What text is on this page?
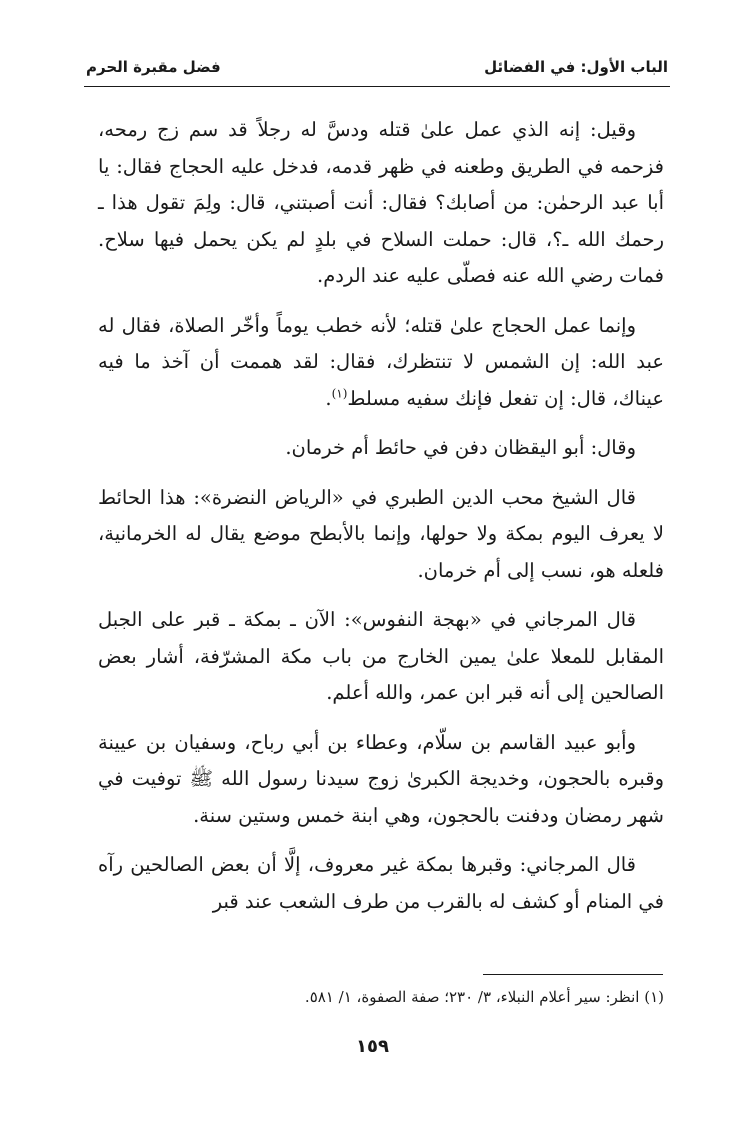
الباب الأول: في الفضائل
فضل مقبرة الحرم

وقيل: إنه الذي عمل علىٰ قتله ودسَّ له رجلاً قد سم زج رمحه، فزحمه في الطريق وطعنه في ظهر قدمه، فدخل عليه الحجاج فقال: يا أبا عبد الرحمٰن: من أصابك؟ فقال: أنت أصبتني، قال: ولِمَ تقول هذا ـ رحمك الله ـ؟، قال: حملت السلاح في بلدٍ لم يكن يحمل فيها سلاح. فمات رضي الله عنه فصلّى عليه عند الردم.

وإنما عمل الحجاج علىٰ قتله؛ لأنه خطب يوماً وأخّر الصلاة، فقال له عبد الله: إن الشمس لا تنتظرك، فقال: لقد هممت أن آخذ ما فيه عيناك، قال: إن تفعل فإنك سفيه مسلط$^{(١)}$.

وقال: أبو اليقظان دفن في حائط أم خرمان.

قال الشيخ محب الدين الطبري في «الرياض النضرة»: هذا الحائط لا يعرف اليوم بمكة ولا حولها، وإنما بالأبطح موضع يقال له الخرمانية، فلعله هو، نسب إلى أم خرمان.

قال المرجاني في «بهجة النفوس»: الآن ـ بمكة ـ قبر على الجبل المقابل للمعلا علىٰ يمين الخارج من باب مكة المشرّفة، أشار بعض الصالحين إلى أنه قبر ابن عمر، والله أعلم.

وأبو عبيد القاسم بن سلّام، وعطاء بن أبي رباح، وسفيان بن عيينة وقبره بالحجون، وخديجة الكبرىٰ زوج سيدنا رسول الله ﷺ توفيت في شهر رمضان ودفنت بالحجون، وهي ابنة خمس وستين سنة.

قال المرجاني: وقبرها بمكة غير معروف، إلَّا أن بعض الصالحين رآه في المنام أو كشف له بالقرب من طرف الشعب عند قبر

(١) انظر: سير أعلام النبلاء، ٣/ ٢٣٠؛ صفة الصفوة، ١/ ٥٨١.
١٥٩
